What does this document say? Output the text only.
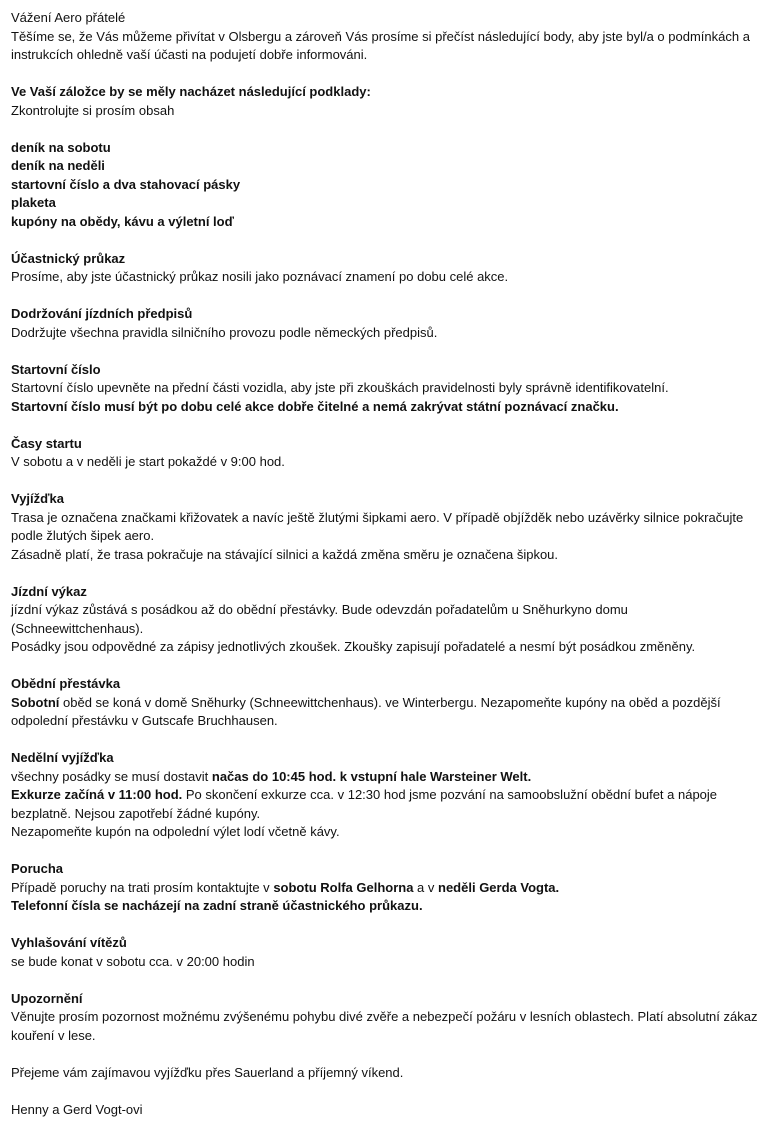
Vážení Aero přátelé

Těšíme se, že Vás můžeme přivítat v Olsbergu a zároveň Vás prosíme si přečíst následující body, aby jste byl/a o podmínkách a instrukcích ohledně vaší účasti na podujetí dobře informováni.

Ve Vaší záložce by se měly nacházet následující podklady:

Zkontrolujte si prosím obsah

deník na sobotu

deník na neděli

startovní číslo a dva stahovací pásky

plaketa

kupóny na obědy, kávu a výletní loď

Účastnický průkaz

Prosíme, aby jste účastnický průkaz nosili jako poznávací znamení po dobu celé akce.

Dodržování jízdních předpisů

Dodržujte všechna pravidla silničního provozu podle německých předpisů.

Startovní číslo

Startovní číslo upevněte na přední části vozidla, aby jste při zkouškách pravidelnosti byly správně identifikovatelní.

Startovní číslo musí být po dobu celé akce dobře čitelné a nemá zakrývat státní poznávací značku.

Časy startu

V sobotu a v neděli je start pokaždé v 9:00 hod.

Vyjížďka

Trasa je označena značkami křižovatek a navíc ještě žlutými šipkami aero. V případě objížděk nebo uzávěrky silnice pokračujte podle žlutých šipek aero.

Zásadně platí, že trasa pokračuje na stávající silnici a každá změna směru je označena šipkou.

Jízdní výkaz

jízdní výkaz zůstává s posádkou až do obědní přestávky. Bude odevzdán pořadatelům u Sněhurkyno domu (Schneewittchenhaus).

Posádky jsou odpovědné za zápisy jednotlivých zkoušek. Zkoušky zapisují pořadatelé a nesmí být posádkou změněny.

Obědní přestávka

Sobotní oběd se koná v domě Sněhurky (Schneewittchenhaus). ve Winterbergu. Nezapomeňte kupóny na oběd a pozdější odpolední přestávku v Gutscafe Bruchhausen.

Nedělní vyjížďka

všechny posádky se musí dostavit načas do 10:45 hod. k vstupní hale Warsteiner Welt.

Exkurze začíná v 11:00 hod. Po skončení exkurze cca. v 12:30 hod jsme pozvání na samoobslužní obědní bufet a nápoje bezplatně. Nejsou zapotřebí žádné kupóny.

Nezapomeňte kupón na odpolední výlet lodí včetně kávy.

Porucha

Případě poruchy na trati prosím kontaktujte v sobotu Rolfa Gelhorna a v neděli Gerda Vogta.

Telefonní čísla se nacházejí na zadní straně účastnického průkazu.

Vyhlašování vítězů

se bude konat v sobotu cca. v 20:00 hodin

Upozornění

Věnujte prosím pozornost možnému zvýšenému pohybu divé zvěře a nebezpečí požáru v lesních oblastech. Platí absolutní zákaz kouření v lese.

Přejeme vám zajímavou vyjížďku přes Sauerland a příjemný víkend.

Henny a Gerd Vogt-ovi
